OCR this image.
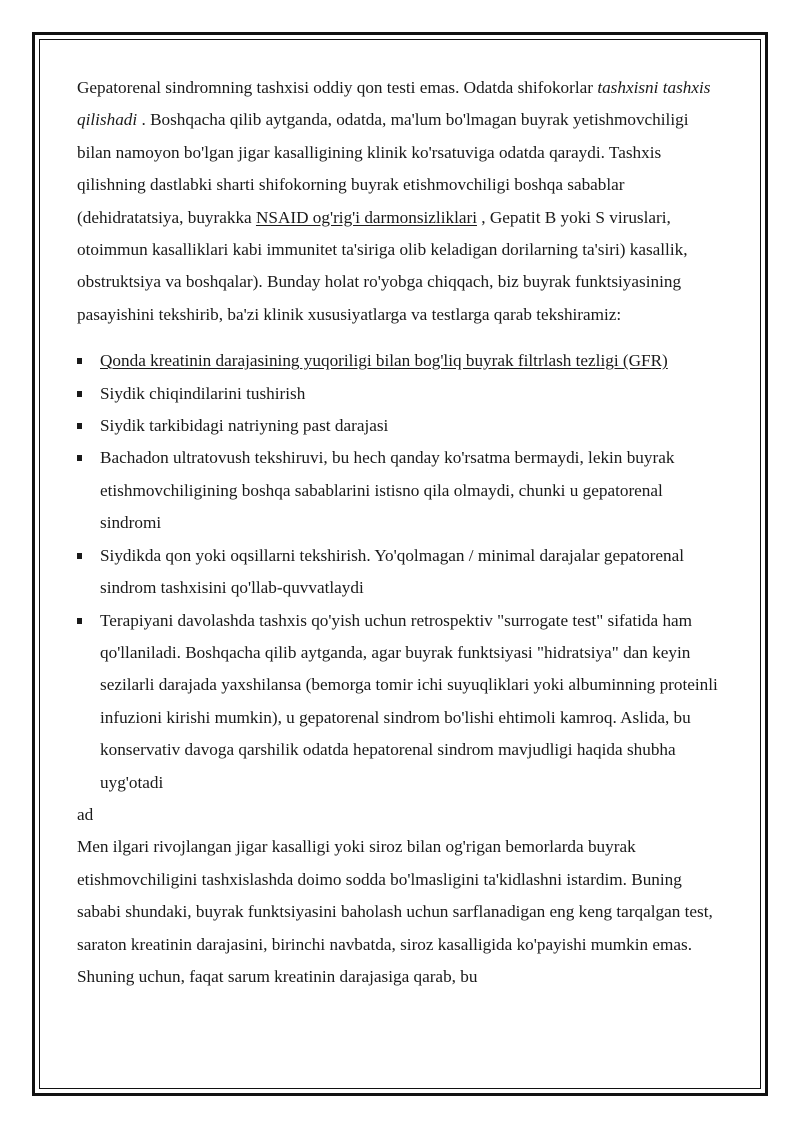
Gepatorenal sindromning tashxisi oddiy qon testi emas. Odatda shifokorlar tashxisni tashxis qilishadi . Boshqacha qilib aytganda, odatda, ma'lum bo'lmagan buyrak yetishmovchiligi bilan namoyon bo'lgan jigar kasalligining klinik ko'rsatuviga odatda qaraydi. Tashxis qilishning dastlabki sharti shifokorning buyrak etishmovchiligi boshqa sabablar (dehidratatsiya, buyrakka NSAID og'rig'i darmonsizliklari , Gepatit B yoki S viruslari, otoimmun kasalliklari kabi immunitet ta'siriga olib keladigan dorilarning ta'siri) kasallik, obstruktsiya va boshqalar). Bunday holat ro'yobga chiqqach, biz buyrak funktsiyasining pasayishini tekshirib, ba'zi klinik xususiyatlarga va testlarga qarab tekshiramiz:

Qonda kreatinin darajasining yuqoriligi bilan bog'liq buyrak filtrlash tezligi (GFR)
Siydik chiqindilarini tushirish
Siydik tarkibidagi natriyning past darajasi
Bachadon ultratovush tekshiruvi, bu hech qanday ko'rsatma bermaydi, lekin buyrak etishmovchiligining boshqa sabablarini istisno qila olmaydi, chunki u gepatorenal sindromi
Siydikda qon yoki oqsillarni tekshirish. Yo'qolmagan / minimal darajalar gepatorenal sindrom tashxisini qo'llab-quvvatlaydi
Terapiyani davolashda tashxis qo'yish uchun retrospektiv "surrogate test" sifatida ham qo'llaniladi. Boshqacha qilib aytganda, agar buyrak funktsiyasi "hidratsiya" dan keyin sezilarli darajada yaxshilansa (bemorga tomir ichi suyuqliklari yoki albuminning proteinli infuzioni kirishi mumkin), u gepatorenal sindrom bo'lishi ehtimoli kamroq. Aslida, bu konservativ davoga qarshilik odatda hepatorenal sindrom mavjudligi haqida shubha uyg'otadi

ad

Men ilgari rivojlangan jigar kasalligi yoki siroz bilan og'rigan bemorlarda buyrak etishmovchiligini tashxislashda doimo sodda bo'lmasligini ta'kidlashni istardim. Buning sababi shundaki, buyrak funktsiyasini baholash uchun sarflanadigan eng keng tarqalgan test, saraton kreatinin darajasini, birinchi navbatda, siroz kasalligida ko'payishi mumkin emas. Shuning uchun, faqat sarum kreatinin darajasiga qarab, bu
